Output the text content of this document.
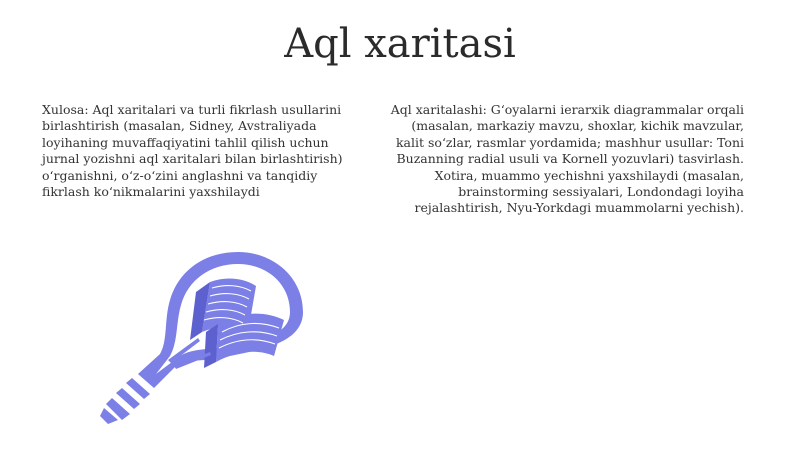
Aql xaritasi
Xulosa: Aql xaritalari va turli fikrlash usullarini birlashtirish (masalan, Sidney, Avstraliyada loyihaning muvaffaqiyatini tahlil qilish uchun jurnal yozishni aql xaritalari bilan birlashtirish) o‘rganishni, o‘z-o‘zini anglashni va tanqidiy fikrlash ko‘nikmalarini yaxshilaydi
Aql xaritalashi: G‘oyalarni ierarxik diagrammalar orqali (masalan, markaziy mavzu, shoxlar, kichik mavzular, kalit so‘zlar, rasmlar yordamida; mashhur usullar: Toni Buzanning radial usuli va Kornell yozuvlari) tasvirlash. Xotira, muammo yechishni yaxshilaydi (masalan, brainstorming sessiyalari, Londondagi loyiha rejalashtirish, Nyu-Yorkdagi muammolarni yechish).
